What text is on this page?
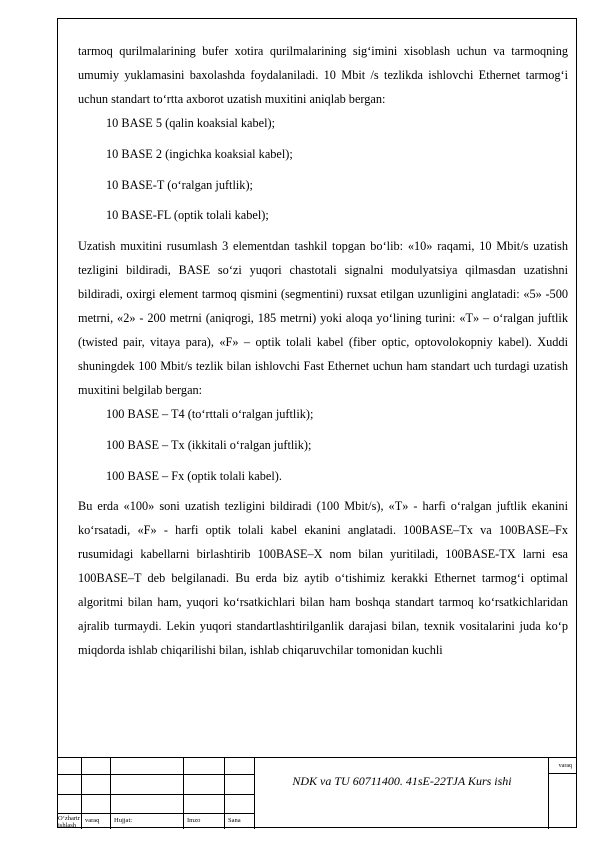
tarmoq qurilmalarining bufer xotira qurilmalarining sig‘imini xisoblash uchun va tarmoqning umumiy yuklamasini baxolashda foydalaniladi. 10 Mbit /s tezlikda ishlovchi Ethernet tarmog‘i uchun standart to‘rtta axborot uzatish muxitini aniqlab bergan:

10 BASE 5 (qalin koaksial kabel);

10 BASE 2 (ingichka koaksial kabel);

10 BASE-T (o‘ralgan juftlik);

10 BASE-FL (optik tolali kabel);

Uzatish muxitini rusumlash 3 elementdan tashkil topgan bo‘lib: «10» raqami, 10 Mbit/s uzatish tezligini bildiradi, BASE so‘zi yuqori chastotali signalni modulyatsiya qilmasdan uzatishni bildiradi, oxirgi element tarmoq qismini (segmentini) ruxsat etilgan uzunligini anglatadi: «5» -500 metrni, «2» - 200 metrni (aniqrogi, 185 metrni) yoki aloqa yo‘lining turini: «T» – o‘ralgan juftlik (twisted pair, vitaya para), «F» – optik tolali kabel (fiber optic, optovolokopniy kabel). Xuddi shuningdek 100 Mbit/s tezlik bilan ishlovchi Fast Ethernet uchun ham standart uch turdagi uzatish muxitini belgilab bergan:

100 BASE – T4 (to‘rttali o‘ralgan juftlik);

100 BASE – Tx (ikkitali o‘ralgan juftlik);

100 BASE – Fx (optik tolali kabel).

Bu erda «100» soni uzatish tezligini bildiradi (100 Mbit/s), «T» - harfi o‘ralgan juftlik ekanini ko‘rsatadi, «F» - harfi optik tolali kabel ekanini anglatadi. 100BASE–Tx va 100BASE–Fx rusumidagi kabellarni birlashtirib 100BASE–X nom bilan yuritiladi, 100BASE-TX larni esa 100BASE–T deb belgilanadi. Bu erda biz aytib o‘tishimiz kerakki Ethernet tarmog‘i optimal algoritmi bilan ham, yuqori ko‘rsatkichlari bilan ham boshqa standart tarmoq ko‘rsatkichlaridan ajralib turmaydi. Lekin yuqori standartlashtirilganlik darajasi bilan, texnik vositalarini juda ko‘p miqdorda ishlab chiqarilishi bilan, ishlab chiqaruvchilar tomonidan kuchli

O‘zhartr ishlash
varaq Hujjat:	Imzo	Sana
varaq
NDK va TU 60711400. 41sE-22TJA Kurs ishi
